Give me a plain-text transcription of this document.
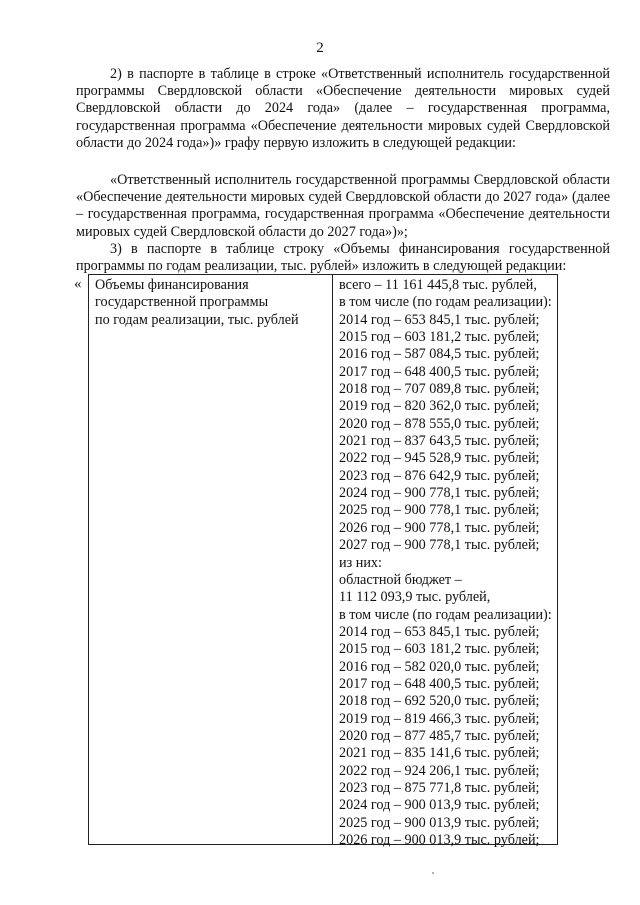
2
2) в паспорте в таблице в строке «Ответственный исполнитель государственной программы Свердловской области «Обеспечение деятельности мировых судей Свердловской области до 2024 года» (далее – государственная программа, государственная программа «Обеспечение деятельности мировых судей Свердловской области до 2024 года»)» графу первую изложить в следующей редакции:
«Ответственный исполнитель государственной программы Свердловской области «Обеспечение деятельности мировых судей Свердловской области до 2027 года» (далее – государственная программа, государственная программа «Обеспечение деятельности мировых судей Свердловской области до 2027 года»)»;
3) в паспорте в таблице строку «Объемы финансирования государственной программы по годам реализации, тыс. рублей» изложить в следующей редакции:
« Объемы финансирования
государственной программы
по годам реализации, тыс. рублей
всего – 11 161 445,8 тыс. рублей,
в том числе (по годам реализации):
2014 год – 653 845,1 тыс. рублей;
2015 год – 603 181,2 тыс. рублей;
2016 год – 587 084,5 тыс. рублей;
2017 год – 648 400,5 тыс. рублей;
2018 год – 707 089,8 тыс. рублей;
2019 год – 820 362,0 тыс. рублей;
2020 год – 878 555,0 тыс. рублей;
2021 год – 837 643,5 тыс. рублей;
2022 год – 945 528,9 тыс. рублей;
2023 год – 876 642,9 тыс. рублей;
2024 год – 900 778,1 тыс. рублей;
2025 год – 900 778,1 тыс. рублей;
2026 год – 900 778,1 тыс. рублей;
2027 год – 900 778,1 тыс. рублей;
из них:
областной бюджет –
11 112 093,9 тыс. рублей,
в том числе (по годам реализации):
2014 год – 653 845,1 тыс. рублей;
2015 год – 603 181,2 тыс. рублей;
2016 год – 582 020,0 тыс. рублей;
2017 год – 648 400,5 тыс. рублей;
2018 год – 692 520,0 тыс. рублей;
2019 год – 819 466,3 тыс. рублей;
2020 год – 877 485,7 тыс. рублей;
2021 год – 835 141,6 тыс. рублей;
2022 год – 924 206,1 тыс. рублей;
2023 год – 875 771,8 тыс. рублей;
2024 год – 900 013,9 тыс. рублей;
2025 год – 900 013,9 тыс. рублей;
2026 год – 900 013,9 тыс. рублей;
